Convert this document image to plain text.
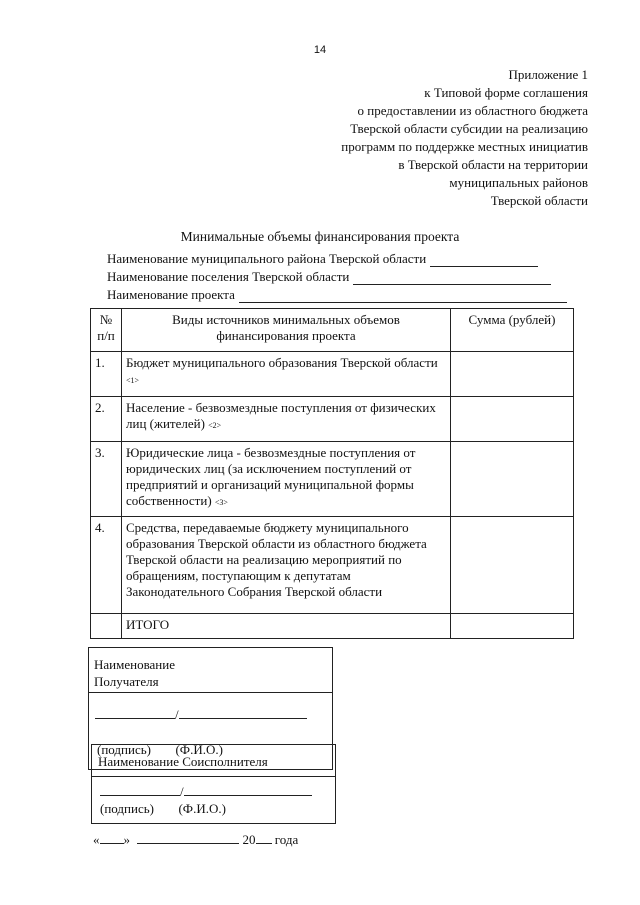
14
Приложение 1
к Типовой форме соглашения
о предоставлении из областного бюджета
Тверской области субсидии на реализацию
программ по поддержке местных инициатив
в Тверской области на территории
муниципальных районов
Тверской области
Минимальные объемы финансирования проекта
Наименование муниципального района Тверской области
Наименование поселения Тверской области
Наименование проекта
№ п/п	Виды источников минимальных объемов финансирования проекта	Сумма (рублей)
1.	Бюджет муниципального образования Тверской области <1>	
2.	Население - безвозмездные поступления от физических лиц (жителей) <2>	
3.	Юридические лица - безвозмездные поступления от юридических лиц (за исключением поступлений от предприятий и организаций муниципальной формы собственности) <3>	
4.	Средства, передаваемые бюджету муниципального образования Тверской области из областного бюджета Тверской области на реализацию мероприятий по обращениям, поступающим к депутатам Законодательного Собрания Тверской области	
	ИТОГО	
Наименование
Получателя
/
(подпись) (Ф.И.О.)
Наименование Соисполнителя
/
(подпись) (Ф.И.О.)
« »	20 года
